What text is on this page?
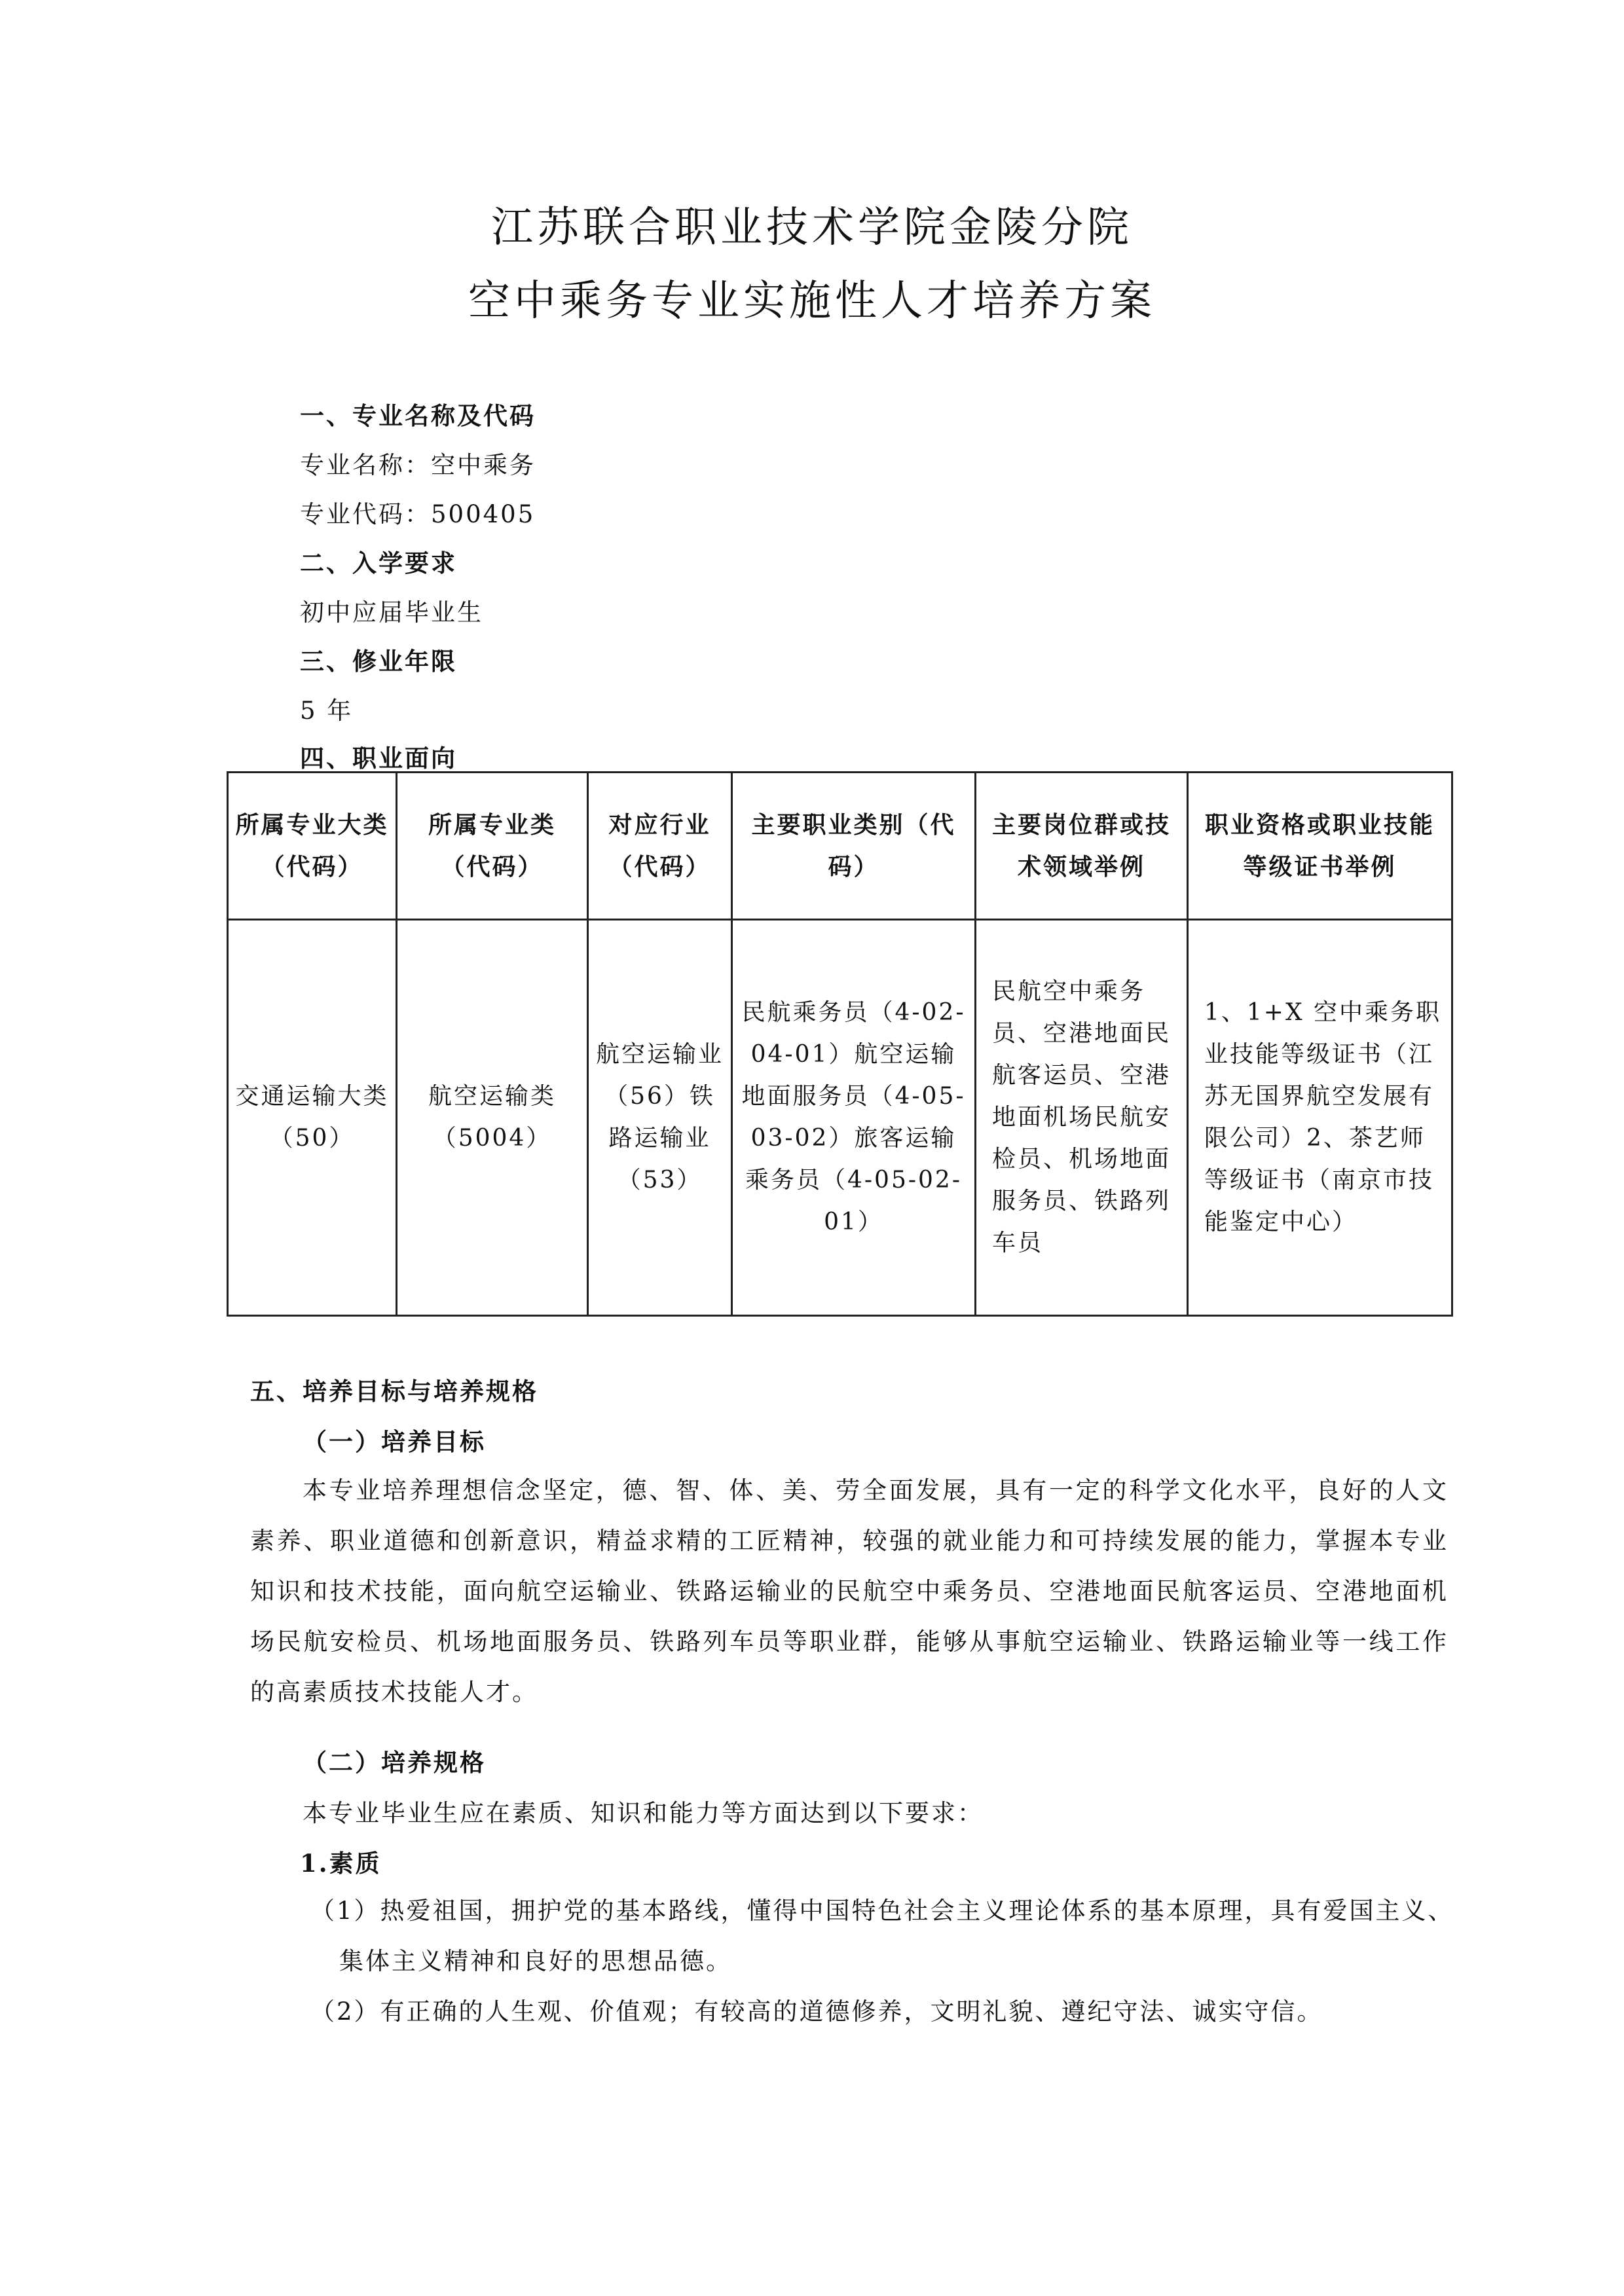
江苏联合职业技术学院金陵分院
空中乘务专业实施性人才培养方案
一、专业名称及代码
专业名称：空中乘务
专业代码：500405
二、入学要求
初中应届毕业生
三、修业年限
5 年
四、职业面向
所属专业大类（代码）	所属专业类（代码）	对应行业（代码）	主要职业类别（代码）	主要岗位群或技术领域举例	职业资格或职业技能等级证书举例
交通运输大类（50）	航空运输类（5004）	航空运输业（56）铁路运输业（53）	民航乘务员（4-02-04-01）航空运输地面服务员（4-05-03-02）旅客运输乘务员（4-05-02-01）	民航空中乘务员、空港地面民航客运员、空港地面机场民航安检员、机场地面服务员、铁路列车员	1、1+X 空中乘务职业技能等级证书（江苏无国界航空发展有限公司）2、茶艺师等级证书（南京市技能鉴定中心）
五、培养目标与培养规格
（一）培养目标
本专业培养理想信念坚定，德、智、体、美、劳全面发展，具有一定的科学文化水平，良好的人文素养、职业道德和创新意识，精益求精的工匠精神，较强的就业能力和可持续发展的能力，掌握本专业知识和技术技能，面向航空运输业、铁路运输业的民航空中乘务员、空港地面民航客运员、空港地面机场民航安检员、机场地面服务员、铁路列车员等职业群，能够从事航空运输业、铁路运输业等一线工作的高素质技术技能人才。
（二）培养规格
本专业毕业生应在素质、知识和能力等方面达到以下要求：
1.素质
（1）热爱祖国，拥护党的基本路线，懂得中国特色社会主义理论体系的基本原理，具有爱国主义、集体主义精神和良好的思想品德。
（2）有正确的人生观、价值观；有较高的道德修养，文明礼貌、遵纪守法、诚实守信。
